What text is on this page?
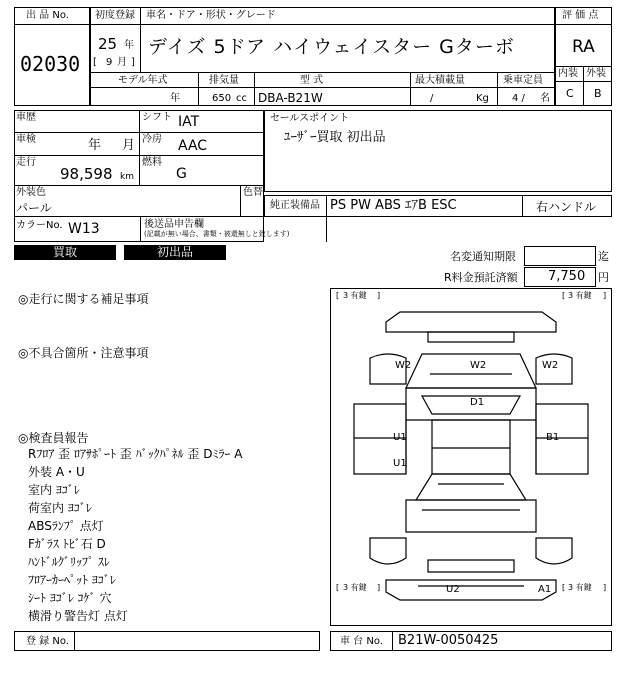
出 品 No.
02030
初度登録 車名・ドア・形状・グレード
25 年
[ 9 月 ]
デイズ 5ドア ハイウェイスター Gターボ
モデル年式	排気量	型 式	最大積載量	乗車定員
年	650 cc DBA-B21W	/	Kg 4 / 名
評 価 点
RA
内装 外装
C B
車歴
車検	年 月
走行
98,598 km
シフト IAT
冷房 AAC
燃料
G
外装色
パール
色替
カラーNo. W13	後送品申告欄
(記載が無い場合、書類・被還無しと致します)
セールスポイント
ﾕｰｻﾞｰ買取 初出品
純正装備品 PS PW ABS ｴｱB ESC	右ハンドル
買取	初出品	名変通知期限	迄
R料金預託済額 7,750 円
◎走行に関する補足事項
◎不具合箇所・注意事項
◎検査員報告
Rﾌﾛｱ 歪 ﾛｱｻﾎﾟｰﾄ 歪 ﾊﾞｯｸﾊﾟﾈﾙ 歪 Dﾐﾗｰ A
外装 A・U
室内 ﾖｺﾞﾚ
荷室内 ﾖｺﾞﾚ
ABSﾗﾝﾌﾟ 点灯
Fｶﾞﾗｽ ﾄﾋﾞ石 D
ﾊﾝﾄﾞﾙｸﾞﾘｯﾌﾟ ｽﾚ
ﾌﾛｱｰｶｰﾍﾟｯﾄ ﾖｺﾞﾚ
ｼｰﾄ ﾖｺﾞﾚ ｺｹﾞ 穴
横滑り警告灯 点灯
3 有鍵	3 有鍵
3 有鍵	3 有鍵
[	]	[	]
[	]	[	]
W2	W2	W2
D1
U1
U1
B1
U2	A1
登 録 No.	車 台 No. B21W-0050425
